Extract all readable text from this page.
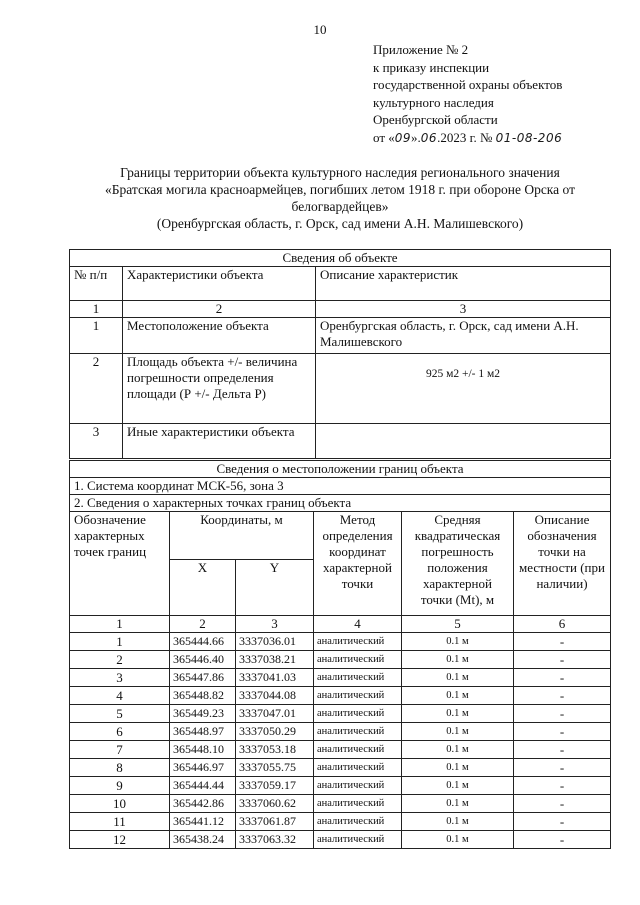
10
Приложение № 2
к приказу инспекции
государственной охраны объектов
культурного наследия
Оренбургской области
от «09».06.2023 г. № 01-08-206
Границы территории объекта культурного наследия регионального значения
«Братская могила красноармейцев, погибших летом 1918 г. при обороне Орска от
белогвардейцев»
(Оренбургская область, г. Орск, сад имени А.Н. Малишевского)
Сведения об объекте		
№ п/п	Характеристики объекта	Описание характеристик
1	2	3
1	Местоположение объекта	Оренбургская область, г. Орск, сад имени А.Н. Малишевского
2	Площадь объекта +/- величина погрешности определения площади (Р +/- Дельта Р)	925 м2 +/- 1 м2
3	Иные характеристики объекта	
Сведения о местоположении границ объекта					
1. Система координат МСК-56, зона 3					
2. Сведения о характерных точках границ объекта					
Обозначение характерных точек границ	Координаты, м		Метод определения координат характерной точки	Средняя квадратическая погрешность положения характерной точки (Mt), м	Описание обозначения точки на местности (при наличии)
	X	Y			
1	2	3	4	5	6
1	365444.66	3337036.01	аналитический	0.1 м	-
2	365446.40	3337038.21	аналитический	0.1 м	-
3	365447.86	3337041.03	аналитический	0.1 м	-
4	365448.82	3337044.08	аналитический	0.1 м	-
5	365449.23	3337047.01	аналитический	0.1 м	-
6	365448.97	3337050.29	аналитический	0.1 м	-
7	365448.10	3337053.18	аналитический	0.1 м	-
8	365446.97	3337055.75	аналитический	0.1 м	-
9	365444.44	3337059.17	аналитический	0.1 м	-
10	365442.86	3337060.62	аналитический	0.1 м	-
11	365441.12	3337061.87	аналитический	0.1 м	-
12	365438.24	3337063.32	аналитический	0.1 м	-
